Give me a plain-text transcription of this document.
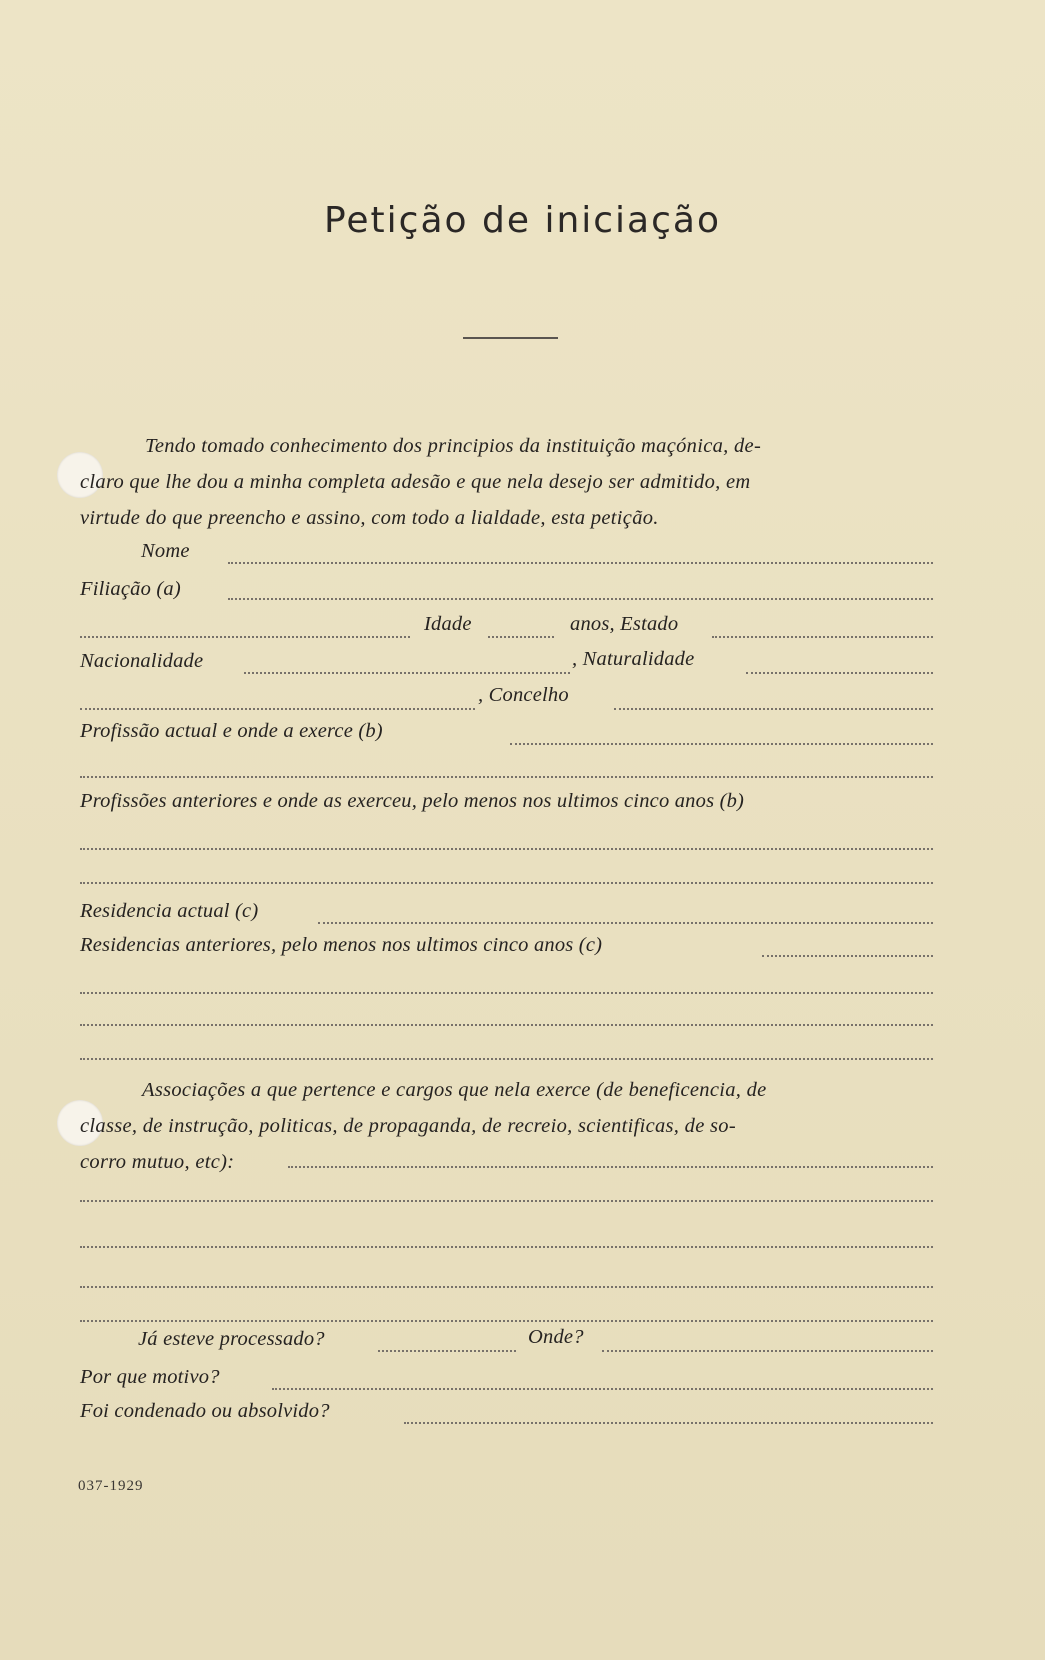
Petição de iniciação
Tendo tomado conhecimento dos principios da instituição maçónica, de-
claro que lhe dou a minha completa adesão e que nela desejo ser admitido, em
virtude do que preencho e assino, com todo a lialdade, esta petição.
Nome
Filiação (a)
Idade	anos, Estado
Nacionalidade	, Naturalidade
, Concelho
Profissão actual e onde a exerce (b)
Profissões anteriores e onde as exerceu, pelo menos nos ultimos cinco anos (b)
Residencia actual (c)
Residencias anteriores, pelo menos nos ultimos cinco anos (c)
Associações a que pertence e cargos que nela exerce (de beneficencia, de
classe, de instrução, politicas, de propaganda, de recreio, scientificas, de so-
corro mutuo, etc):
Já esteve processado?	Onde?
Por que motivo?
Foi condenado ou absolvido?
037-1929
